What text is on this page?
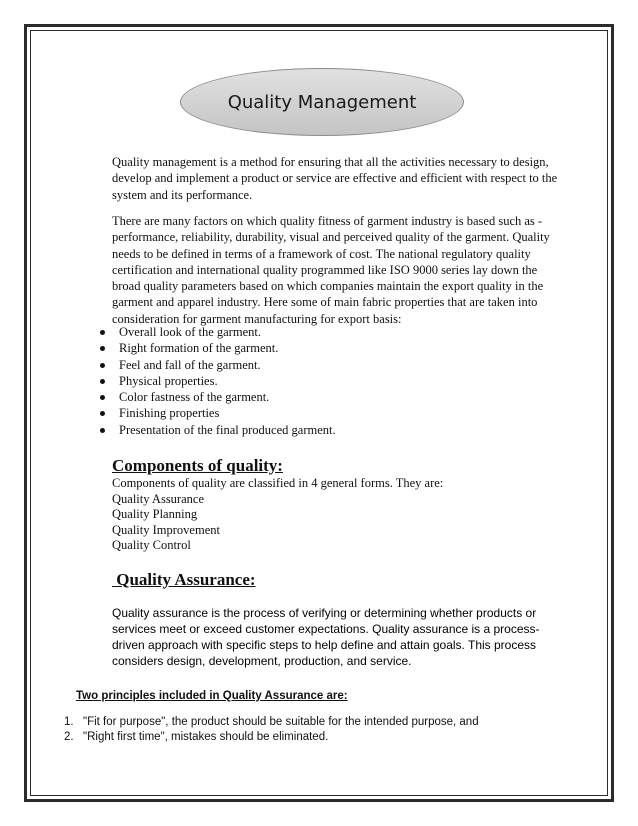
Quality Management

Quality management is a method for ensuring that all the activities necessary to design, develop and implement a product or service are effective and efficient with respect to the system and its performance.

There are many factors on which quality fitness of garment industry is based such as - performance, reliability, durability, visual and perceived quality of the garment. Quality needs to be defined in terms of a framework of cost. The national regulatory quality certification and international quality programmed like ISO 9000 series lay down the broad quality parameters based on which companies maintain the export quality in the garment and apparel industry. Here some of main fabric properties that are taken into consideration for garment manufacturing for export basis:

Overall look of the garment.
Right formation of the garment.
Feel and fall of the garment.
Physical properties.
Color fastness of the garment.
Finishing properties
Presentation of the final produced garment.
Components of quality:
Components of quality are classified in 4 general forms. They are:
Quality Assurance
Quality Planning
Quality Improvement
Quality Control
Quality Assurance:

Quality assurance is the process of verifying or determining whether products or services meet or exceed customer expectations. Quality assurance is a process-driven approach with specific steps to help define and attain goals. This process considers design, development, production, and service.

Two principles included in Quality Assurance are:

1. "Fit for purpose", the product should be suitable for the intended purpose, and
2. "Right first time", mistakes should be eliminated.
